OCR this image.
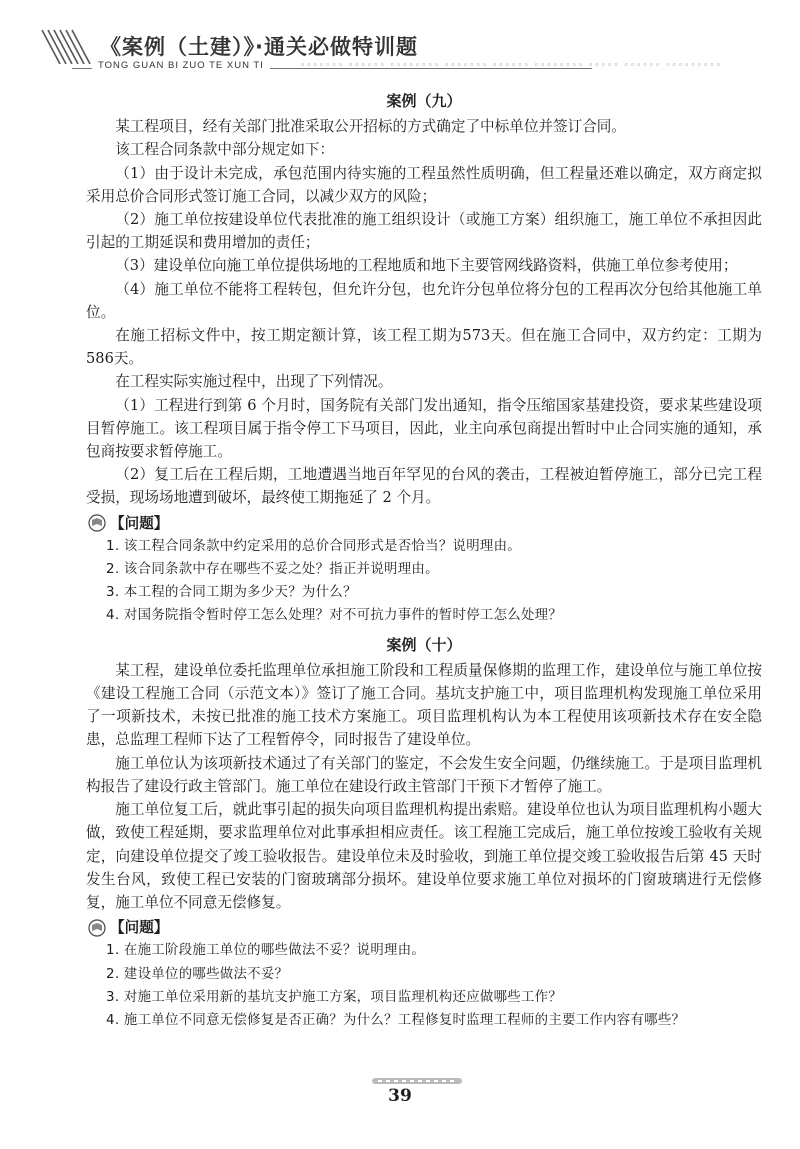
《案例（土建）》·通关必做特训题
TONG GUAN BI ZUO TE XUN TI	◦◦◦◦◦◦◦ ◦◦◦◦◦◦ ◦◦◦◦◦◦◦◦ ◦◦◦◦◦◦◦ ◦◦◦◦◦◦ ◦◦◦◦◦◦◦◦ ◦◦◦◦◦ ◦◦◦◦◦◦ ◦◦◦◦◦◦◦◦◦
案例（九）

某工程项目，经有关部门批准采取公开招标的方式确定了中标单位并签订合同。

该工程合同条款中部分规定如下：

（1）由于设计未完成，承包范围内待实施的工程虽然性质明确，但工程量还难以确定，双方商定拟采用总价合同形式签订施工合同，以减少双方的风险；

（2）施工单位按建设单位代表批准的施工组织设计（或施工方案）组织施工，施工单位不承担因此引起的工期延误和费用增加的责任；

（3）建设单位向施工单位提供场地的工程地质和地下主要管网线路资料，供施工单位参考使用；

（4）施工单位不能将工程转包，但允许分包，也允许分包单位将分包的工程再次分包给其他施工单位。

在施工招标文件中，按工期定额计算，该工程工期为573天。但在施工合同中，双方约定：工期为586天。

在工程实际实施过程中，出现了下列情况。

（1）工程进行到第 6 个月时，国务院有关部门发出通知，指令压缩国家基建投资，要求某些建设项目暂停施工。该工程项目属于指令停工下马项目，因此，业主向承包商提出暂时中止合同实施的通知，承包商按要求暂停施工。

（2）复工后在工程后期，工地遭遇当地百年罕见的台风的袭击，工程被迫暂停施工，部分已完工程受损，现场场地遭到破坏，最终使工期拖延了 2 个月。

【问题】

1. 该工程合同条款中约定采用的总价合同形式是否恰当？说明理由。

2. 该合同条款中存在哪些不妥之处？指正并说明理由。

3. 本工程的合同工期为多少天？为什么？

4. 对国务院指令暂时停工怎么处理？对不可抗力事件的暂时停工怎么处理？

案例（十）

某工程，建设单位委托监理单位承担施工阶段和工程质量保修期的监理工作，建设单位与施工单位按《建设工程施工合同（示范文本）》签订了施工合同。基坑支护施工中，项目监理机构发现施工单位采用了一项新技术，未按已批准的施工技术方案施工。项目监理机构认为本工程使用该项新技术存在安全隐患，总监理工程师下达了工程暂停令，同时报告了建设单位。

施工单位认为该项新技术通过了有关部门的鉴定，不会发生安全问题，仍继续施工。于是项目监理机构报告了建设行政主管部门。施工单位在建设行政主管部门干预下才暂停了施工。

施工单位复工后，就此事引起的损失向项目监理机构提出索赔。建设单位也认为项目监理机构小题大做，致使工程延期，要求监理单位对此事承担相应责任。该工程施工完成后，施工单位按竣工验收有关规定，向建设单位提交了竣工验收报告。建设单位未及时验收，到施工单位提交竣工验收报告后第 45 天时发生台风，致使工程已安装的门窗玻璃部分损坏。建设单位要求施工单位对损坏的门窗玻璃进行无偿修复，施工单位不同意无偿修复。

【问题】

1. 在施工阶段施工单位的哪些做法不妥？说明理由。

2. 建设单位的哪些做法不妥？

3. 对施工单位采用新的基坑支护施工方案，项目监理机构还应做哪些工作？

4. 施工单位不同意无偿修复是否正确？为什么？工程修复时监理工程师的主要工作内容有哪些？

39
